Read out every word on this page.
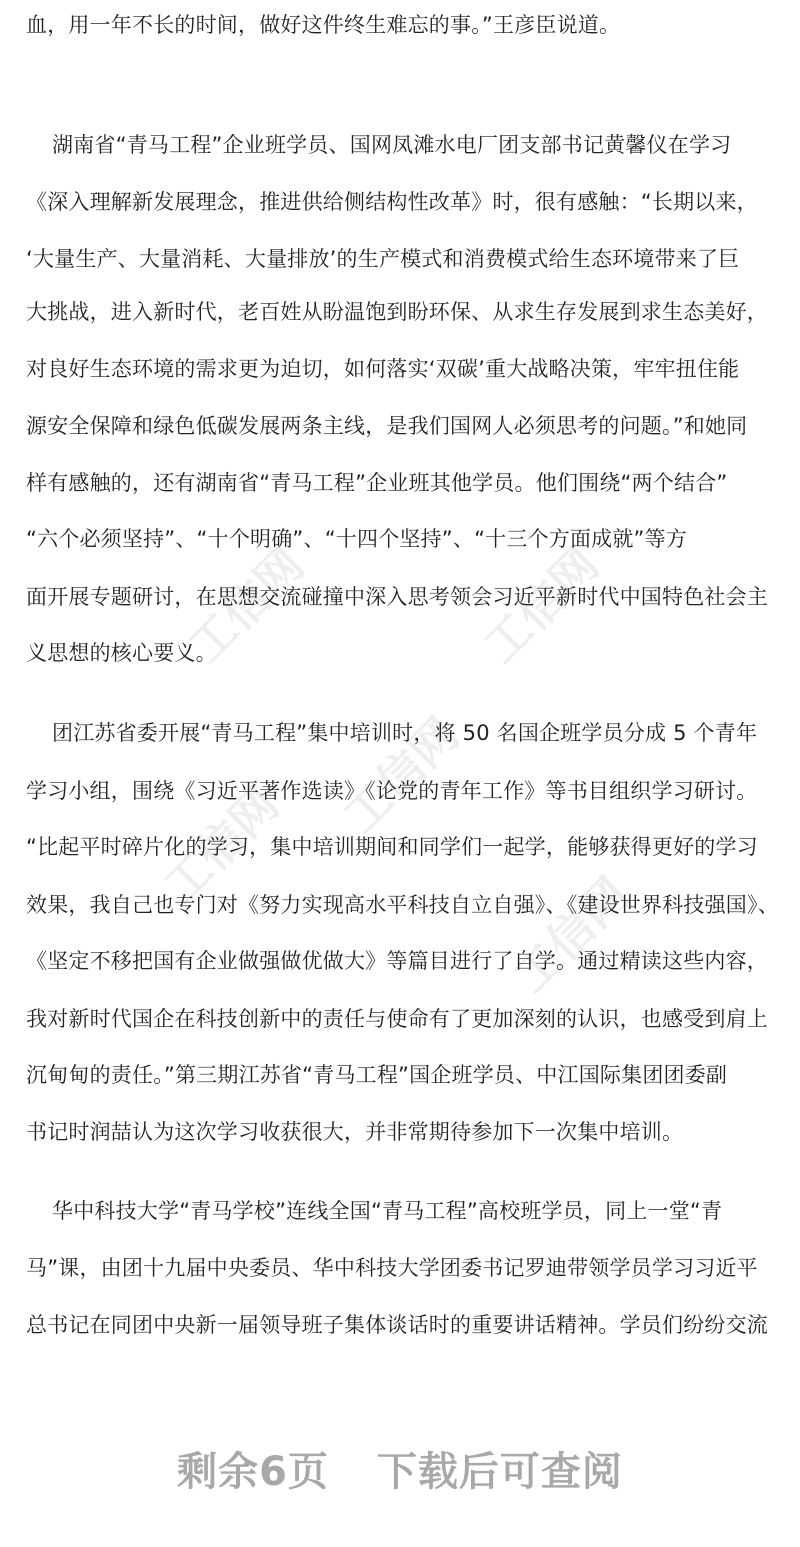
工信网	工信网
工信网
工信网
工信网
血，用一年不长的时间，做好这件终生难忘的事。”王彦臣说道。
湖南省“青马工程”企业班学员、国网凤滩水电厂团支部书记黄馨仪在学习
《深入理解新发展理念，推进供给侧结构性改革》时，很有感触：“长期以来，
‘大量生产、大量消耗、大量排放’的生产模式和消费模式给生态环境带来了巨
大挑战，进入新时代，老百姓从盼温饱到盼环保、从求生存发展到求生态美好，
对良好生态环境的需求更为迫切，如何落实‘双碳’重大战略决策，牢牢扭住能
源安全保障和绿色低碳发展两条主线，是我们国网人必须思考的问题。”和她同
样有感触的，还有湖南省“青马工程”企业班其他学员。他们围绕“两个结合”
“六个必须坚持”、“十个明确”、“十四个坚持”、“十三个方面成就”等方
面开展专题研讨，在思想交流碰撞中深入思考领会习近平新时代中国特色社会主
义思想的核心要义。
团江苏省委开展“青马工程”集中培训时，将 50 名国企班学员分成 5 个青年
学习小组，围绕《习近平著作选读》《论党的青年工作》等书目组织学习研讨。
“比起平时碎片化的学习，集中培训期间和同学们一起学，能够获得更好的学习
效果，我自己也专门对《努力实现高水平科技自立自强》、《建设世界科技强国》、
《坚定不移把国有企业做强做优做大》等篇目进行了自学。通过精读这些内容，
我对新时代国企在科技创新中的责任与使命有了更加深刻的认识，也感受到肩上
沉甸甸的责任。”第三期江苏省“青马工程”国企班学员、中江国际集团团委副
书记时润喆认为这次学习收获很大，并非常期待参加下一次集中培训。
华中科技大学“青马学校”连线全国“青马工程”高校班学员，同上一堂“青
马”课，由团十九届中央委员、华中科技大学团委书记罗迪带领学员学习习近平
总书记在同团中央新一届领导班子集体谈话时的重要讲话精神。学员们纷纷交流
剩余6页 下载后可查阅
